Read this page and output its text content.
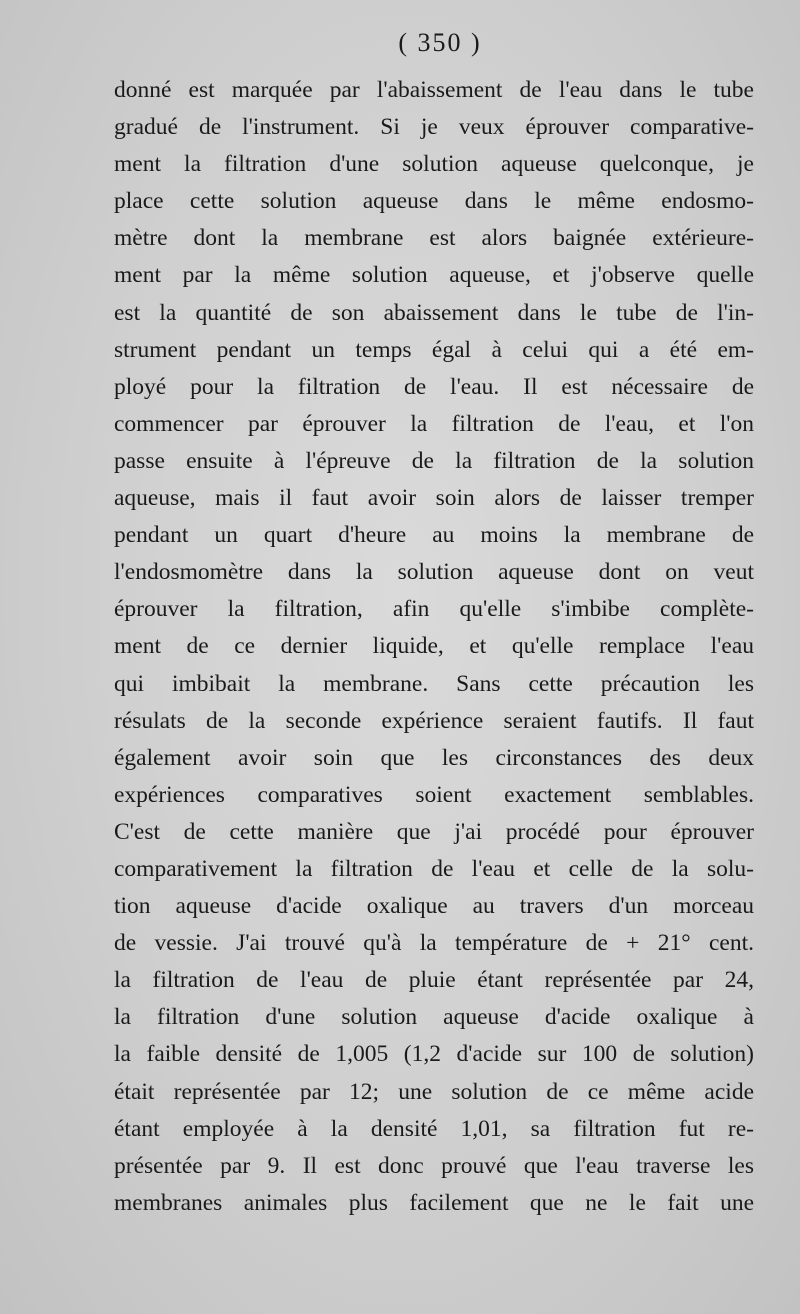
( 350 )
donné est marquée par l'abaissement de l'eau dans le tube
gradué de l'instrument. Si je veux éprouver comparative-
ment la filtration d'une solution aqueuse quelconque, je
place cette solution aqueuse dans le même endosmo-
mètre dont la membrane est alors baignée extérieure-
ment par la même solution aqueuse, et j'observe quelle
est la quantité de son abaissement dans le tube de l'in-
strument pendant un temps égal à celui qui a été em-
ployé pour la filtration de l'eau. Il est nécessaire de
commencer par éprouver la filtration de l'eau, et l'on
passe ensuite à l'épreuve de la filtration de la solution
aqueuse, mais il faut avoir soin alors de laisser tremper
pendant un quart d'heure au moins la membrane de
l'endosmomètre dans la solution aqueuse dont on veut
éprouver la filtration, afin qu'elle s'imbibe complète-
ment de ce dernier liquide, et qu'elle remplace l'eau
qui imbibait la membrane. Sans cette précaution les
résulats de la seconde expérience seraient fautifs. Il faut
également avoir soin que les circonstances des deux
expériences comparatives soient exactement semblables.
C'est de cette manière que j'ai procédé pour éprouver
comparativement la filtration de l'eau et celle de la solu-
tion aqueuse d'acide oxalique au travers d'un morceau
de vessie. J'ai trouvé qu'à la température de + 21° cent.
la filtration de l'eau de pluie étant représentée par 24,
la filtration d'une solution aqueuse d'acide oxalique à
la faible densité de 1,005 (1,2 d'acide sur 100 de solution)
était représentée par 12; une solution de ce même acide
étant employée à la densité 1,01, sa filtration fut re-
présentée par 9. Il est donc prouvé que l'eau traverse les
membranes animales plus facilement que ne le fait une
